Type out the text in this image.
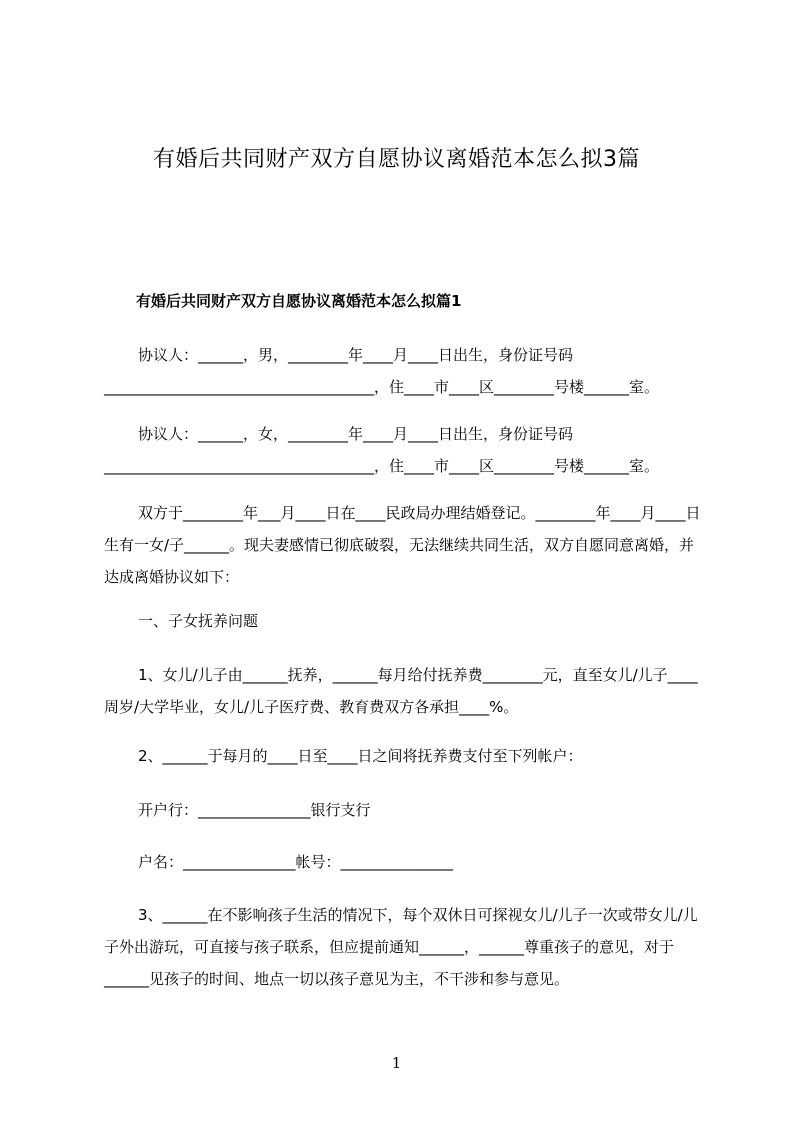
有婚后共同财产双方自愿协议离婚范本怎么拟3篇
有婚后共同财产双方自愿协议离婚范本怎么拟篇1

协议人：______，男，________年____月____日出生，身份证号码____________________________________，住____市____区________号楼______室。

协议人：______，女，________年____月____日出生，身份证号码____________________________________，住____市____区________号楼______室。

双方于________年___月____日在____民政局办理结婚登记。________年____月____日生有一女/子______。现夫妻感情已彻底破裂，无法继续共同生活，双方自愿同意离婚，并达成离婚协议如下：

一、子女抚养问题

1、女儿/儿子由______抚养，______每月给付抚养费________元，直至女儿/儿子____周岁/大学毕业，女儿/儿子医疗费、教育费双方各承担____%。

2、______于每月的____日至____日之间将抚养费支付至下列帐户：

开户行：_______________银行支行

户名：_______________帐号：_______________

3、______在不影响孩子生活的情况下，每个双休日可探视女儿/儿子一次或带女儿/儿子外出游玩，可直接与孩子联系，但应提前通知______，______尊重孩子的意见，对于______见孩子的时间、地点一切以孩子意见为主，不干涉和参与意见。

1
